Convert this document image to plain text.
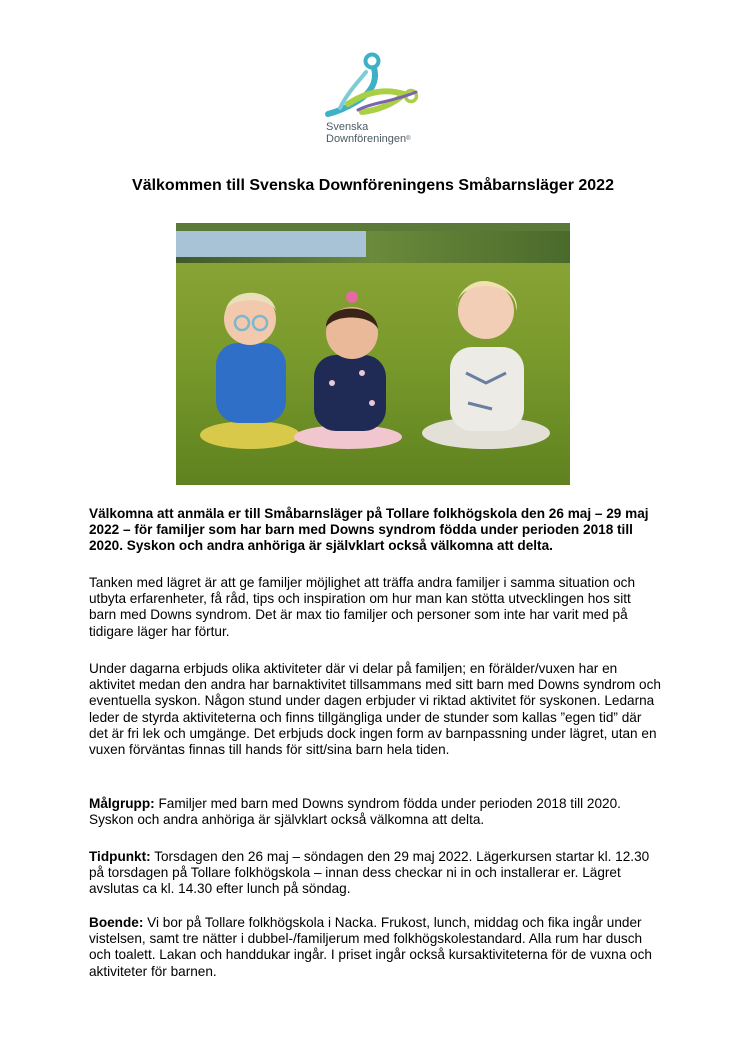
Svenska
Downföreningen®
Välkommen till Svenska Downföreningens Småbarnsläger 2022

Välkomna att anmäla er till Småbarnsläger på Tollare folkhögskola den 26 maj – 29 maj 2022 – för familjer som har barn med Downs syndrom födda under perioden 2018 till 2020. Syskon och andra anhöriga är självklart också välkomna att delta.

Tanken med lägret är att ge familjer möjlighet att träffa andra familjer i samma situation och utbyta erfarenheter, få råd, tips och inspiration om hur man kan stötta utvecklingen hos sitt barn med Downs syndrom. Det är max tio familjer och personer som inte har varit med på tidigare läger har förtur.

Under dagarna erbjuds olika aktiviteter där vi delar på familjen; en förälder/vuxen har en aktivitet medan den andra har barnaktivitet tillsammans med sitt barn med Downs syndrom och eventuella syskon. Någon stund under dagen erbjuder vi riktad aktivitet för syskonen. Ledarna leder de styrda aktiviteterna och finns tillgängliga under de stunder som kallas ”egen tid” där det är fri lek och umgänge. Det erbjuds dock ingen form av barnpassning under lägret, utan en vuxen förväntas finnas till hands för sitt/sina barn hela tiden.

Målgrupp: Familjer med barn med Downs syndrom födda under perioden 2018 till 2020. Syskon och andra anhöriga är självklart också välkomna att delta.

Tidpunkt: Torsdagen den 26 maj – söndagen den 29 maj 2022. Lägerkursen startar kl. 12.30 på torsdagen på Tollare folkhögskola – innan dess checkar ni in och installerar er. Lägret avslutas ca kl. 14.30 efter lunch på söndag.

Boende: Vi bor på Tollare folkhögskola i Nacka. Frukost, lunch, middag och fika ingår under vistelsen, samt tre nätter i dubbel-/familjerum med folkhögskolestandard. Alla rum har dusch och toalett. Lakan och handdukar ingår. I priset ingår också kursaktiviteterna för de vuxna och aktiviteter för barnen.
